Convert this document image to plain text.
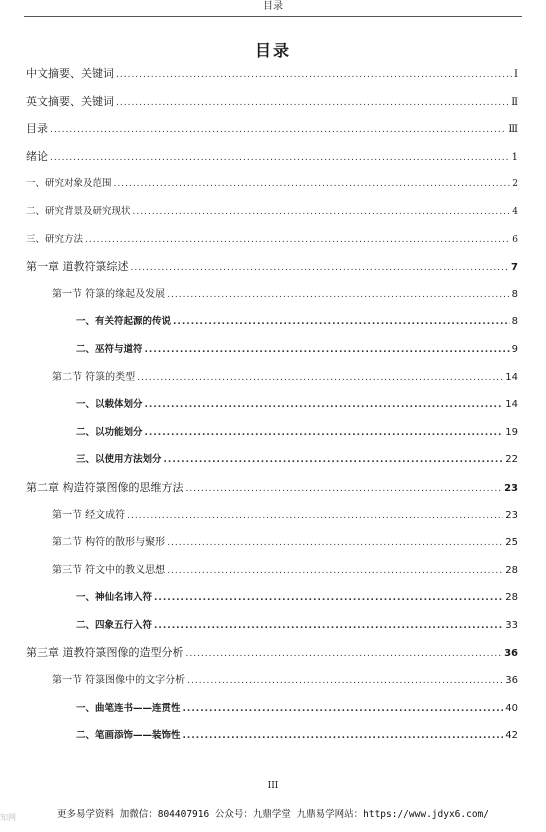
目录
目录
中文摘要、关键词 .....	Ⅰ
英文摘要、关键词 .....	Ⅱ
目录 .....	Ⅲ
绪论 .....	1
一、研究对象及范围 .....	2
二、研究背景及研究现状 .....	4
三、研究方法 .....	6
第一章 道教符箓综述 .....	7
第一节 符箓的缘起及发展 .....	8
一、有关符起源的传说 .....	8
二、巫符与道符 .....	9
第二节 符箓的类型 .....	14
一、以载体划分 .....	14
二、以功能划分 .....	19
三、以使用方法划分 .....	22
第二章 构造符箓图像的思维方法 .....	23
第一节 经文成符 .....	23
第二节 构符的散形与聚形 .....	25
第三节 符文中的教义思想 .....	28
一、神仙名讳入符 .....	28
二、四象五行入符 .....	33
第三章 道教符箓图像的造型分析 .....	36
第一节 符箓图像中的文字分析 .....	36
一、曲笔连书——连贯性 .....	40
二、笔画添饰——装饰性 .....	42
III
更多易学资料 加微信：804407916 公众号：九鼎学堂 九鼎易学网站：https://www.jdyx6.com/
知网
